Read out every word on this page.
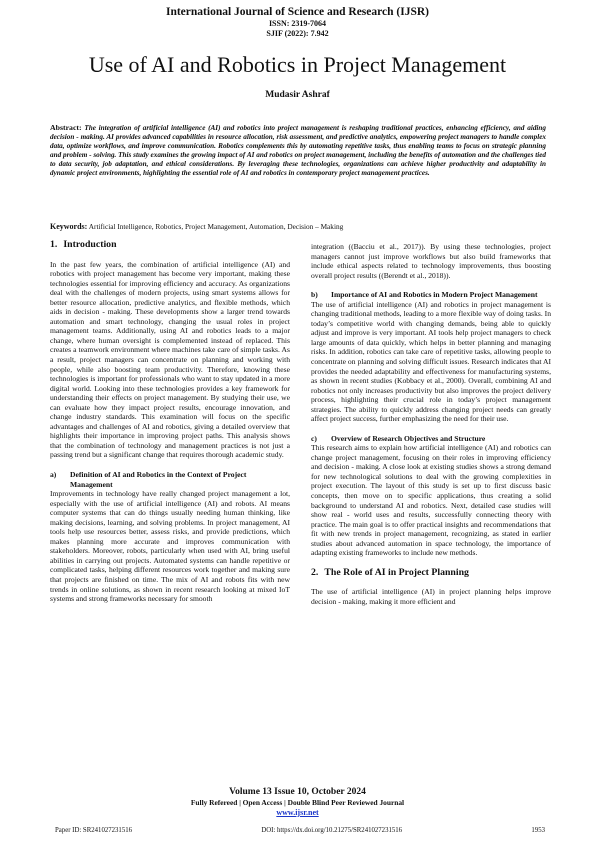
International Journal of Science and Research (IJSR)
ISSN: 2319-7064
SJIF (2022): 7.942
Use of AI and Robotics in Project Management
Mudasir Ashraf
Abstract: The integration of artificial intelligence (AI) and robotics into project management is reshaping traditional practices, enhancing efficiency, and aiding decision - making. AI provides advanced capabilities in resource allocation, risk assessment, and predictive analytics, empowering project managers to handle complex data, optimize workflows, and improve communication. Robotics complements this by automating repetitive tasks, thus enabling teams to focus on strategic planning and problem - solving. This study examines the growing impact of AI and robotics on project management, including the benefits of automation and the challenges tied to data security, job adaptation, and ethical considerations. By leveraging these technologies, organizations can achieve higher productivity and adaptability in dynamic project environments, highlighting the essential role of AI and robotics in contemporary project management practices.
Keywords: Artificial Intelligence, Robotics, Project Management, Automation, Decision – Making
1. Introduction

In the past few years, the combination of artificial intelligence (AI) and robotics with project management has become very important, making these technologies essential for improving efficiency and accuracy. As organizations deal with the challenges of modern projects, using smart systems allows for better resource allocation, predictive analytics, and flexible methods, which aids in decision - making. These developments show a larger trend towards automation and smart technology, changing the usual roles in project management teams. Additionally, using AI and robotics leads to a major change, where human oversight is complemented instead of replaced. This creates a teamwork environment where machines take care of simple tasks. As a result, project managers can concentrate on planning and working with people, while also boosting team productivity. Therefore, knowing these technologies is important for professionals who want to stay updated in a more digital world. Looking into these technologies provides a key framework for understanding their effects on project management. By studying their use, we can evaluate how they impact project results, encourage innovation, and change industry standards. This examination will focus on the specific advantages and challenges of AI and robotics, giving a detailed overview that highlights their importance in improving project paths. This analysis shows that the combination of technology and management practices is not just a passing trend but a significant change that requires thorough academic study.

a) Definition of AI and Robotics in the Context of Project Management

Improvements in technology have really changed project management a lot, especially with the use of artificial intelligence (AI) and robots. AI means computer systems that can do things usually needing human thinking, like making decisions, learning, and solving problems. In project management, AI tools help use resources better, assess risks, and provide predictions, which makes planning more accurate and improves communication with stakeholders. Moreover, robots, particularly when used with AI, bring useful abilities in carrying out projects. Automated systems can handle repetitive or complicated tasks, helping different resources work together and making sure that projects are finished on time. The mix of AI and robots fits with new trends in online solutions, as shown in recent research looking at mixed IoT systems and strong frameworks necessary for smooth

integration ((Bacciu et al., 2017)). By using these technologies, project managers cannot just improve workflows but also build frameworks that include ethical aspects related to technology improvements, thus boosting overall project results ((Berendt et al., 2018)).

b) Importance of AI and Robotics in Modern Project Management

The use of artificial intelligence (AI) and robotics in project management is changing traditional methods, leading to a more flexible way of doing tasks. In today’s competitive world with changing demands, being able to quickly adjust and improve is very important. AI tools help project managers to check large amounts of data quickly, which helps in better planning and managing risks. In addition, robotics can take care of repetitive tasks, allowing people to concentrate on planning and solving difficult issues. Research indicates that AI provides the needed adaptability and effectiveness for manufacturing systems, as shown in recent studies (Kobbacy et al., 2000). Overall, combining AI and robotics not only increases productivity but also improves the project delivery process, highlighting their crucial role in today’s project management strategies. The ability to quickly address changing project needs can greatly affect project success, further emphasizing the need for their use.

c) Overview of Research Objectives and Structure

This research aims to explain how artificial intelligence (AI) and robotics can change project management, focusing on their roles in improving efficiency and decision - making. A close look at existing studies shows a strong demand for new technological solutions to deal with the growing complexities in project execution. The layout of this study is set up to first discuss basic concepts, then move on to specific applications, thus creating a solid background to understand AI and robotics. Next, detailed case studies will show real - world uses and results, successfully connecting theory with practice. The main goal is to offer practical insights and recommendations that fit with new trends in project management, recognizing, as stated in earlier studies about advanced automation in space technology, the importance of adapting existing frameworks to include new methods.

2. The Role of AI in Project Planning

The use of artificial intelligence (AI) in project planning helps improve decision - making, making it more efficient and

Volume 13 Issue 10, October 2024
Fully Refereed | Open Access | Double Blind Peer Reviewed Journal
www.ijsr.net
Paper ID: SR241027231516	DOI: https://dx.doi.org/10.21275/SR241027231516	1953
